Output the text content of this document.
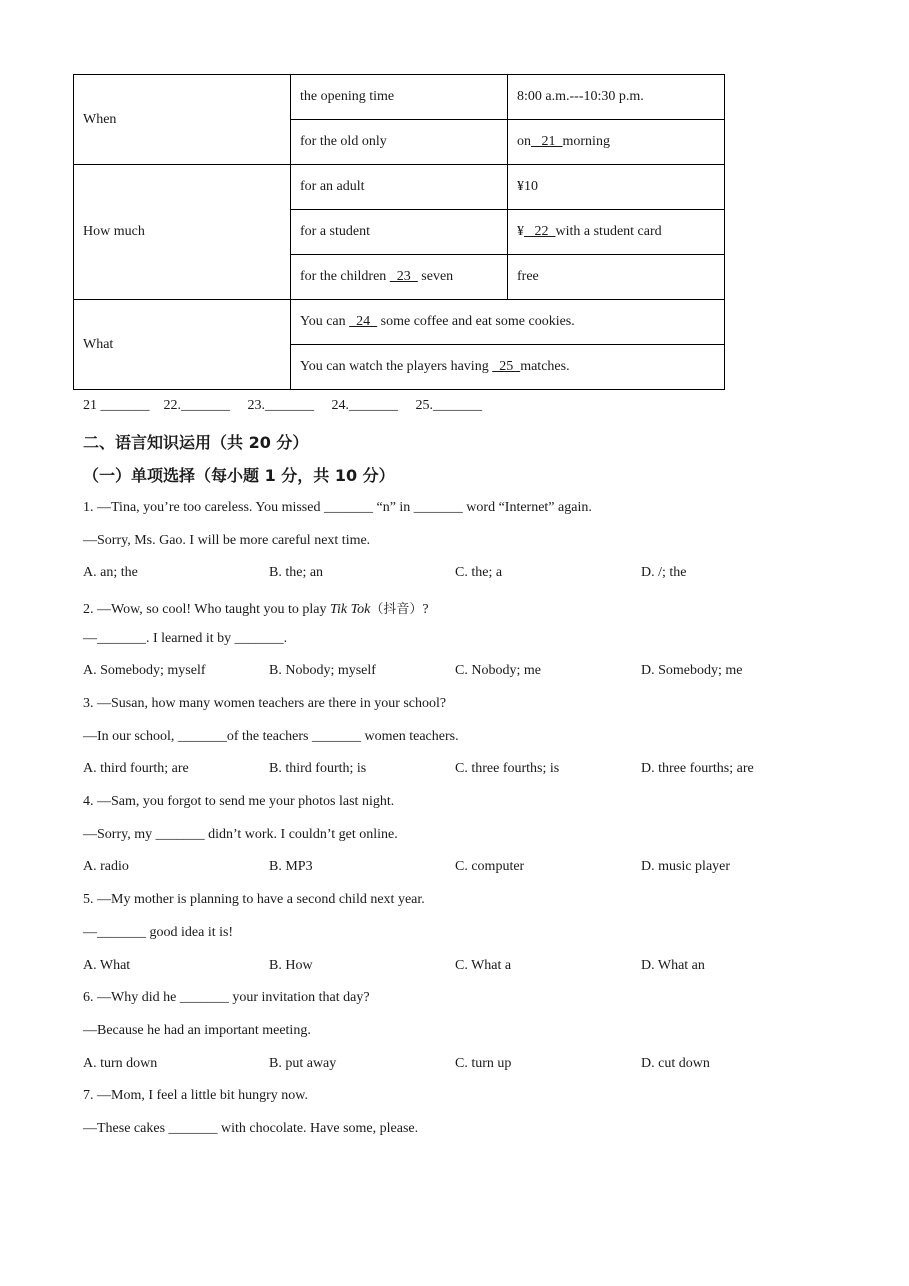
When	the opening time	8:00 a.m.---10:30 p.m.
	for the old only	on   21  morning
How much	for an adult	¥10
	for a student	¥   22  with a student card
	for the children   23   seven	free
What	You can   24   some coffee and eat some cookies.	
	You can watch the players having   25  matches.	
21 _______    22._______     23._______     24._______     25._______
二、语言知识运用（共 20 分）
（一）单项选择（每小题 1 分，共 10 分）
1. —Tina, you’re too careless. You missed _______ “n” in _______ word “Internet” again.
—Sorry, Ms. Gao. I will be more careful next time.
A. an; the	B. the; an	C. the; a	D. /; the
2. —Wow, so cool! Who taught you to play Tik Tok（抖音）?
—_______. I learned it by _______.
A. Somebody; myself	B. Nobody; myself	C. Nobody; me	D. Somebody; me
3. —Susan, how many women teachers are there in your school?
—In our school, _______of the teachers _______ women teachers.
A. third fourth; are	B. third fourth; is	C. three fourths; is	D. three fourths; are
4. —Sam, you forgot to send me your photos last night.
—Sorry, my _______ didn’t work. I couldn’t get online.
A. radio	B. MP3	C. computer	D. music player
5. —My mother is planning to have a second child next year.
—_______ good idea it is!
A. What	B. How	C. What a	D. What an
6. —Why did he _______ your invitation that day?
—Because he had an important meeting.
A. turn down	B. put away	C. turn up	D. cut down
7. —Mom, I feel a little bit hungry now.
—These cakes _______ with chocolate. Have some, please.
